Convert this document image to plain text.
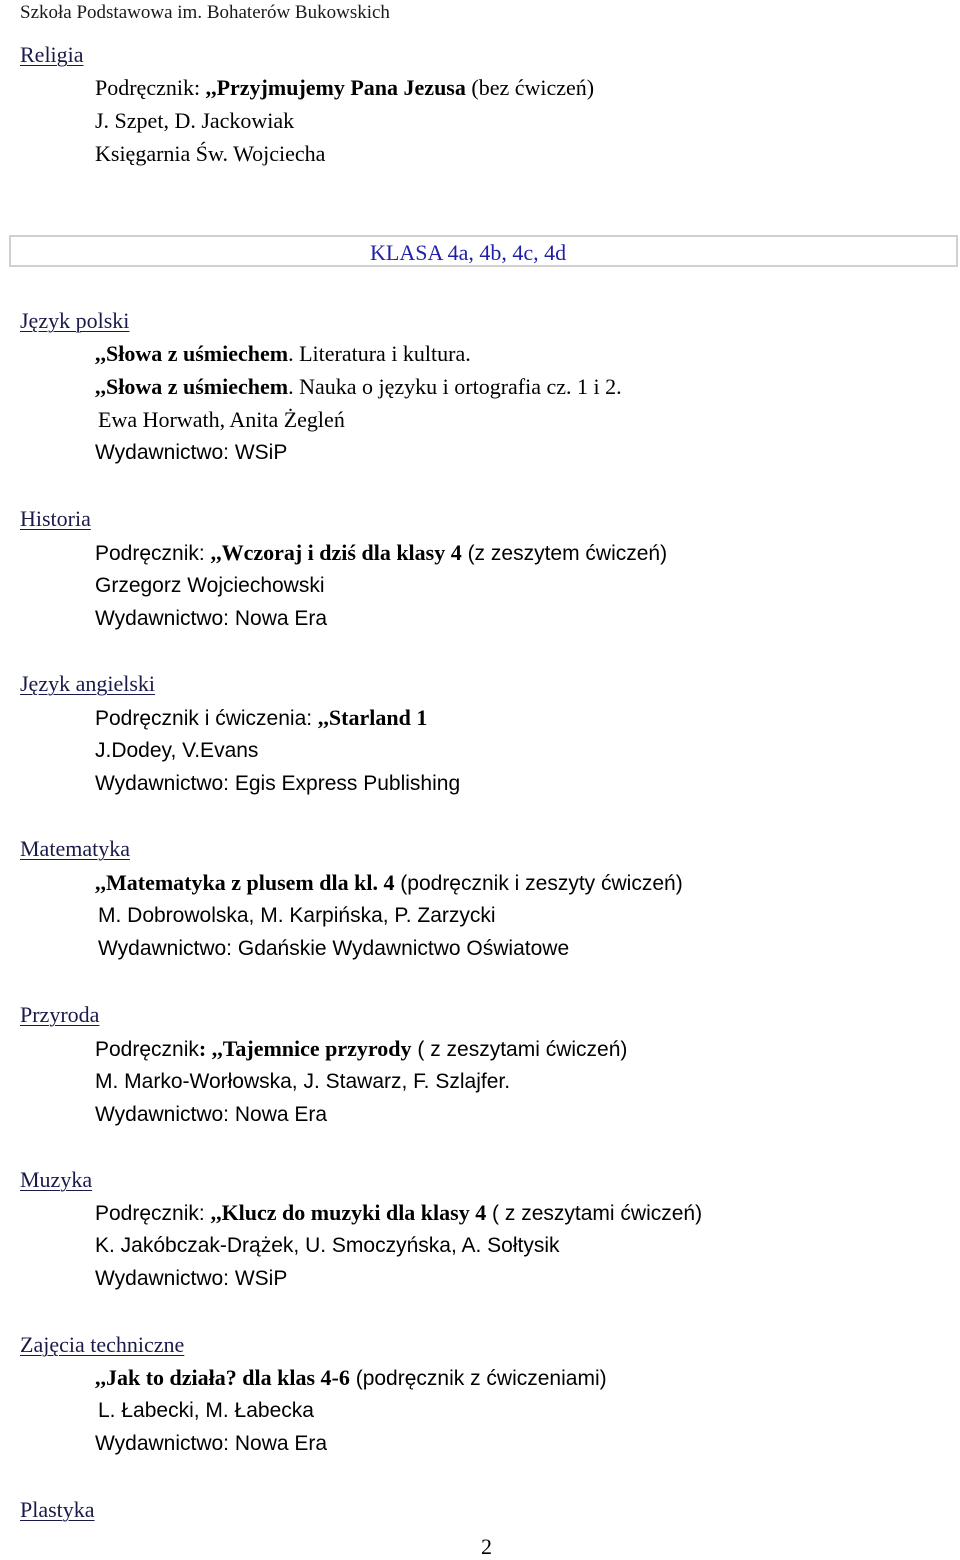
Szkoła Podstawowa im. Bohaterów Bukowskich
Religia
Podręcznik: ,,Przyjmujemy Pana Jezusa (bez ćwiczeń)
J. Szpet, D. Jackowiak
Księgarnia Św. Wojciecha
KLASA 4a, 4b, 4c, 4d
Język polski
,,Słowa z uśmiechem. Literatura i kultura.
,,Słowa z uśmiechem. Nauka o języku i ortografia cz. 1 i 2.
Ewa Horwath, Anita Żegleń
Wydawnictwo: WSiP
Historia
Podręcznik: ,,Wczoraj i dziś dla klasy 4 (z zeszytem ćwiczeń)
Grzegorz Wojciechowski
Wydawnictwo: Nowa Era
Język angielski
Podręcznik i ćwiczenia: ,,Starland 1
J.Dodey, V.Evans
Wydawnictwo: Egis Express Publishing
Matematyka
,,Matematyka z plusem dla kl. 4 (podręcznik i zeszyty ćwiczeń)
M. Dobrowolska, M. Karpińska, P. Zarzycki
Wydawnictwo: Gdańskie Wydawnictwo Oświatowe
Przyroda
Podręcznik: ,,Tajemnice przyrody ( z zeszytami ćwiczeń)
M. Marko-Worłowska, J. Stawarz, F. Szlajfer.
Wydawnictwo: Nowa Era
Muzyka
Podręcznik: ,,Klucz do muzyki dla klasy 4 ( z zeszytami ćwiczeń)
K. Jakóbczak-Drążek, U. Smoczyńska, A. Sołtysik
Wydawnictwo: WSiP
Zajęcia techniczne
,,Jak to działa? dla klas 4-6 (podręcznik z ćwiczeniami)
L. Łabecki, M. Łabecka
Wydawnictwo: Nowa Era
Plastyka
2
